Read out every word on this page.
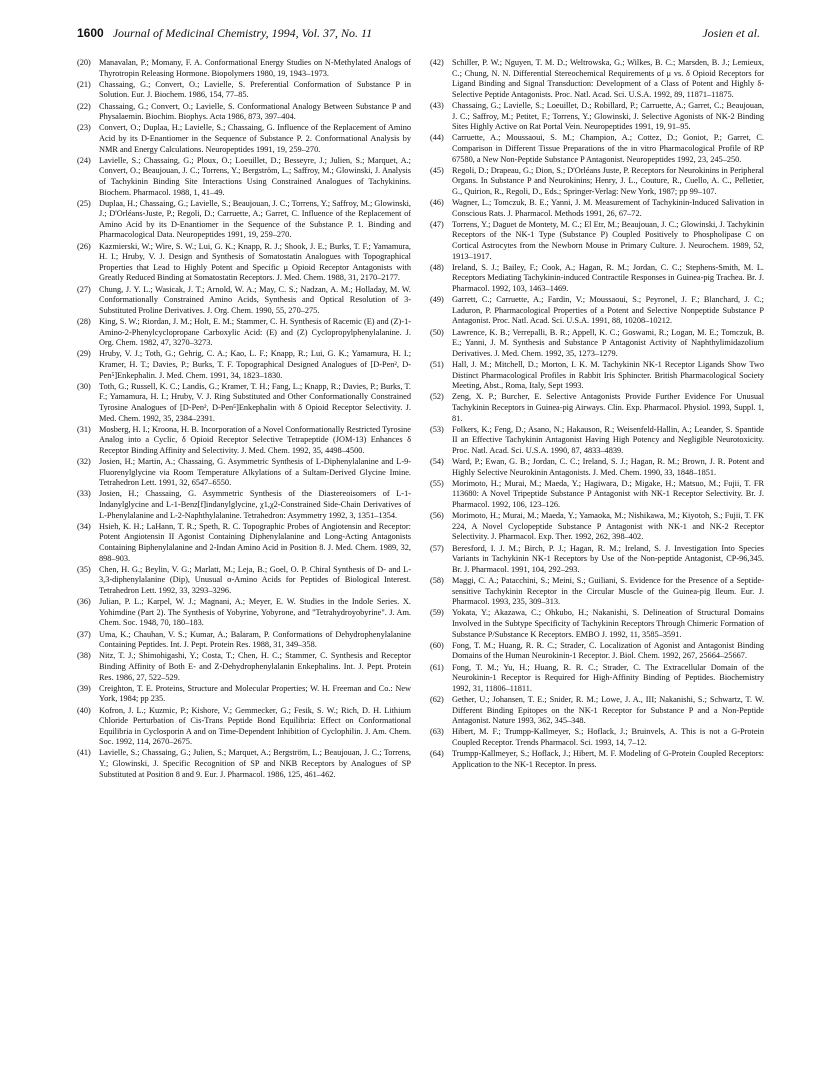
1600 Journal of Medicinal Chemistry, 1994, Vol. 37, No. 11	Josien et al.
(20) Manavalan, P.; Momany, F. A. Conformational Energy Studies on N-Methylated Analogs of Thyrotropin Releasing Hormone. Biopolymers 1980, 19, 1943–1973.
(21) Chassaing, G.; Convert, O.; Lavielle, S. Preferential Conformation of Substance P in Solution. Eur. J. Biochem. 1986, 154, 77–85.
(22) Chassaing, G.; Convert, O.; Lavielle, S. Conformational Analogy Between Substance P and Physalaemin. Biochim. Biophys. Acta 1986, 873, 397–404.
(23) Convert, O.; Duplaa, H.; Lavielle, S.; Chassaing, G. Influence of the Replacement of Amino Acid by its D-Enantiomer in the Sequence of Substance P. 2. Conformational Analysis by NMR and Energy Calculations. Neuropeptides 1991, 19, 259–270.
(24) Lavielle, S.; Chassaing, G.; Ploux, O.; Loeuillet, D.; Besseyre, J.; Julien, S.; Marquet, A.; Convert, O.; Beaujouan, J. C.; Torrens, Y.; Bergström, L.; Saffroy, M.; Glowinski, J. Analysis of Tachykinin Binding Site Interactions Using Constrained Analogues of Tachykinins. Biochem. Pharmacol. 1988, 1, 41–49.
(25) Duplaa, H.; Chassaing, G.; Lavielle, S.; Beaujouan, J. C.; Torrens, Y.; Saffroy, M.; Glowinski, J.; D'Orléans-Juste, P.; Regoli, D.; Carruette, A.; Garret, C. Influence of the Replacement of Amino Acid by its D-Enantiomer in the Sequence of the Substance P. 1. Binding and Pharmacological Data. Neuropeptides 1991, 19, 259–270.
(26) Kazmierski, W.; Wire, S. W.; Lui, G. K.; Knapp, R. J.; Shook, J. E.; Burks, T. F.; Yamamura, H. I.; Hruby, V. J. Design and Synthesis of Somatostatin Analogues with Topographical Properties that Lead to Highly Potent and Specific μ Opioid Receptor Antagonists with Greatly Reduced Binding at Somatostatin Receptors. J. Med. Chem. 1988, 31, 2170–2177.
(27) Chung, J. Y. L.; Wasicak, J. T.; Arnold, W. A.; May, C. S.; Nadzan, A. M.; Holladay, M. W. Conformationally Constrained Amino Acids, Synthesis and Optical Resolution of 3-Substituted Proline Derivatives. J. Org. Chem. 1990, 55, 270–275.
(28) King, S. W.; Riordan, J. M.; Holt, E. M.; Stammer, C. H. Synthesis of Racemic (E) and (Z)-1-Amino-2-Phenylcyclopropane Carboxylic Acid: (E) and (Z) Cyclopropylphenylalanine. J. Org. Chem. 1982, 47, 3270–3273.
(29) Hruby, V. J.; Toth, G.; Gehrig, C. A.; Kao, L. F.; Knapp, R.; Lui, G. K.; Yamamura, H. I.; Kramer, H. T.; Davies, P.; Burks, T. F. Topographical Designed Analogues of [D-Pen², D-Pen⁵]Enkephalin. J. Med. Chem. 1991, 34, 1823–1830.
(30) Toth, G.; Russell, K. C.; Landis, G.; Kramer, T. H.; Fang, L.; Knapp, R.; Davies, P.; Burks, T. F.; Yamamura, H. I.; Hruby, V. J. Ring Substituted and Other Conformationally Constrained Tyrosine Analogues of [D-Pen², D-Pen⁵]Enkephalin with δ Opioid Receptor Selectivity. J. Med. Chem. 1992, 35, 2384–2391.
(31) Mosberg, H. I.; Kroona, H. B. Incorporation of a Novel Conformationally Restricted Tyrosine Analog into a Cyclic, δ Opioid Receptor Selective Tetrapeptide (JOM-13) Enhances δ Receptor Binding Affinity and Selectivity. J. Med. Chem. 1992, 35, 4498–4500.
(32) Josien, H.; Martin, A.; Chassaing, G. Asymmetric Synthesis of L-Diphenylalanine and L-9-Fluorenylglycine via Room Temperature Alkylations of a Sultam-Derived Glycine Imine. Tetrahedron Lett. 1991, 32, 6547–6550.
(33) Josien, H.; Chassaing, G. Asymmetric Synthesis of the Diastereoisomers of L-1-Indanylglycine and L-1-Benz[f]indanylglycine, χ1,χ2-Constrained Side-Chain Derivatives of L-Phenylalanine and L-2-Naphthylalanine. Tetrahedron: Asymmetry 1992, 3, 1351–1354.
(34) Hsieh, K. H.; LaHann, T. R.; Speth, R. C. Topographic Probes of Angiotensin and Receptor: Potent Angiotensin II Agonist Containing Diphenylalanine and Long-Acting Antagonists Containing Biphenylalanine and 2-Indan Amino Acid in Position 8. J. Med. Chem. 1989, 32, 898–903.
(35) Chen, H. G.; Beylin, V. G.; Marlatt, M.; Leja, B.; Goel, O. P. Chiral Synthesis of D- and L-3,3-diphenylalanine (Dip), Unusual α-Amino Acids for Peptides of Biological Interest. Tetrahedron Lett. 1992, 33, 3293–3296.
(36) Julian, P. L.; Karpel, W. J.; Magnani, A.; Meyer, E. W. Studies in the Indole Series. X. Yohimdine (Part 2). The Synthesis of Yobyrine, Yobyrone, and "Tetrahydroyobyrine". J. Am. Chem. Soc. 1948, 70, 180–183.
(37) Uma, K.; Chauhan, V. S.; Kumar, A.; Balaram, P. Conformations of Dehydrophenylalanine Containing Peptides. Int. J. Pept. Protein Res. 1988, 31, 349–358.
(38) Nitz, T. J.; Shimohigashi, Y.; Costa, T.; Chen, H. C.; Stammer, C. Synthesis and Receptor Binding Affinity of Both E- and Z-Dehydrophenylalanin Enkephalins. Int. J. Pept. Protein Res. 1986, 27, 522–529.
(39) Creighton, T. E. Proteins, Structure and Molecular Properties; W. H. Freeman and Co.: New York, 1984; pp 235.
(40) Kofron, J. L.; Kuzmic, P.; Kishore, V.; Gemmecker, G.; Fesik, S. W.; Rich, D. H. Lithium Chloride Perturbation of Cis-Trans Peptide Bond Equilibria: Effect on Conformational Equilibria in Cyclosporin A and on Time-Dependent Inhibition of Cyclophilin. J. Am. Chem. Soc. 1992, 114, 2670–2675.
(41) Lavielle, S.; Chassaing, G.; Julien, S.; Marquet, A.; Bergström, L.; Beaujouan, J. C.; Torrens, Y.; Glowinski, J. Specific Recognition of SP and NKB Receptors by Analogues of SP Substituted at Position 8 and 9. Eur. J. Pharmacol. 1986, 125, 461–462.
(42) Schiller, P. W.; Nguyen, T. M. D.; Weltrowska, G.; Wilkes, B. C.; Marsden, B. J.; Lemieux, C.; Chung, N. N. Differential Stereochemical Requirements of μ vs. δ Opioid Receptors for Ligand Binding and Signal Transduction: Development of a Class of Potent and Highly δ-Selective Peptide Antagonists. Proc. Natl. Acad. Sci. U.S.A. 1992, 89, 11871–11875.
(43) Chassaing, G.; Lavielle, S.; Loeuillet, D.; Robillard, P.; Carruette, A.; Garret, C.; Beaujouan, J. C.; Saffroy, M.; Petitet, F.; Torrens, Y.; Glowinski, J. Selective Agonists of NK-2 Binding Sites Highly Active on Rat Portal Vein. Neuropeptides 1991, 19, 91–95.
(44) Carruette, A.; Moussaoui, S. M.; Champion, A.; Cottez, D.; Goniot, P.; Garret, C. Comparison in Different Tissue Preparations of the in vitro Pharmacological Profile of RP 67580, a New Non-Peptide Substance P Antagonist. Neuropeptides 1992, 23, 245–250.
(45) Regoli, D.; Drapeau, G.; Dion, S.; D'Orléans Juste, P. Receptors for Neurokinins in Peripheral Organs. In Substance P and Neurokinins; Henry, J. L., Couture, R., Cuello, A. C., Pelletier, G., Quirion, R., Regoli, D., Eds.; Springer-Verlag: New York, 1987; pp 99–107.
(46) Wagner, L.; Tomczuk, B. E.; Yanni, J. M. Measurement of Tachykinin-Induced Salivation in Conscious Rats. J. Pharmacol. Methods 1991, 26, 67–72.
(47) Torrens, Y.; Daguet de Montety, M. C.; El Etr, M.; Beaujouan, J. C.; Glowinski, J. Tachykinin Receptors of the NK-1 Type (Substance P) Coupled Positively to Phospholipase C on Cortical Astrocytes from the Newborn Mouse in Primary Culture. J. Neurochem. 1989, 52, 1913–1917.
(48) Ireland, S. J.; Bailey, F.; Cook, A.; Hagan, R. M.; Jordan, C. C.; Stephens-Smith, M. L. Receptors Mediating Tachykinin-induced Contractile Responses in Guinea-pig Trachea. Br. J. Pharmacol. 1992, 103, 1463–1469.
(49) Garrett, C.; Carruette, A.; Fardin, V.; Moussaoui, S.; Peyronel, J. F.; Blanchard, J. C.; Laduron, P. Pharmacological Properties of a Potent and Selective Nonpeptide Substance P Antagonist. Proc. Natl. Acad. Sci. U.S.A. 1991, 88, 10208–10212.
(50) Lawrence, K. B.; Verrepalli, B. R.; Appell, K. C.; Goswami, R.; Logan, M. E.; Tomczuk, B. E.; Yanni, J. M. Synthesis and Substance P Antagonist Activity of Naphthylimidazolium Derivatives. J. Med. Chem. 1992, 35, 1273–1279.
(51) Hall, J. M.; Mitchell, D.; Morton, I. K. M. Tachykinin NK-1 Receptor Ligands Show Two Distinct Pharmacological Profiles in Rabbit Iris Sphincter. British Pharmacological Society Meeting, Abst., Roma, Italy, Sept 1993.
(52) Zeng, X. P.; Burcher, E. Selective Antagonists Provide Further Evidence For Unusual Tachykinin Receptors in Guinea-pig Airways. Clin. Exp. Pharmacol. Physiol. 1993, Suppl. 1, 81.
(53) Folkers, K.; Feng, D.; Asano, N.; Hakauson, R.; Weisenfeld-Hallin, A.; Leander, S. Spantide II an Effective Tachykinin Antagonist Having High Potency and Negligible Neurotoxicity. Proc. Natl. Acad. Sci. U.S.A. 1990, 87, 4833–4839.
(54) Ward, P.; Ewan, G. B.; Jordan, C. C.; Ireland, S. J.; Hagan, R. M.; Brown, J. R. Potent and Highly Selective Neurokinin Antagonists. J. Med. Chem. 1990, 33, 1848–1851.
(55) Morimoto, H.; Murai, M.; Maeda, Y.; Hagiwara, D.; Migake, H.; Matsuo, M.; Fujii, T. FR 113680: A Novel Tripeptide Substance P Antagonist with NK-1 Receptor Selectivity. Br. J. Pharmacol. 1992, 106, 123–126.
(56) Morimoto, H.; Murai, M.; Maeda, Y.; Yamaoka, M.; Nishikawa, M.; Kiyotoh, S.; Fujii, T. FK 224, A Novel Cyclopeptide Substance P Antagonist with NK-1 and NK-2 Receptor Selectivity. J. Pharmacol. Exp. Ther. 1992, 262, 398–402.
(57) Beresford, I. J. M.; Birch, P. J.; Hagan, R. M.; Ireland, S. J. Investigation Into Species Variants in Tachykinin NK-1 Receptors by Use of the Non-peptide Antagonist, CP-96,345. Br. J. Pharmacol. 1991, 104, 292–293.
(58) Maggi, C. A.; Patacchini, S.; Meini, S.; Guiliani, S. Evidence for the Presence of a Septide-sensitive Tachykinin Receptor in the Circular Muscle of the Guinea-pig Ileum. Eur. J. Pharmacol. 1993, 235, 309–313.
(59) Yokata, Y.; Akazawa, C.; Ohkubo, H.; Nakanishi, S. Delineation of Structural Domains Involved in the Subtype Specificity of Tachykinin Receptors Through Chimeric Formation of Substance P/Substance K Receptors. EMBO J. 1992, 11, 3585–3591.
(60) Fong, T. M.; Huang, R. R. C.; Strader, C. Localization of Agonist and Antagonist Binding Domains of the Human Neurokinin-1 Receptor. J. Biol. Chem. 1992, 267, 25664–25667.
(61) Fong, T. M.; Yu, H.; Huang, R. R. C.; Strader, C. The Extracellular Domain of the Neurokinin-1 Receptor is Required for High-Affinity Binding of Peptides. Biochemistry 1992, 31, 11806–11811.
(62) Gether, U.; Johansen, T. E.; Snider, R. M.; Lowe, J. A., III; Nakanishi, S.; Schwartz, T. W. Different Binding Epitopes on the NK-1 Receptor for Substance P and a Non-Peptide Antagonist. Nature 1993, 362, 345–348.
(63) Hibert, M. F.; Trumpp-Kallmeyer, S.; Hoflack, J.; Bruinvels, A. This is not a G-Protein Coupled Receptor. Trends Pharmacol. Sci. 1993, 14, 7–12.
(64) Trumpp-Kallmeyer, S.; Hoflack, J.; Hibert, M. F. Modeling of G-Protein Coupled Receptors: Application to the NK-1 Receptor. In press.
